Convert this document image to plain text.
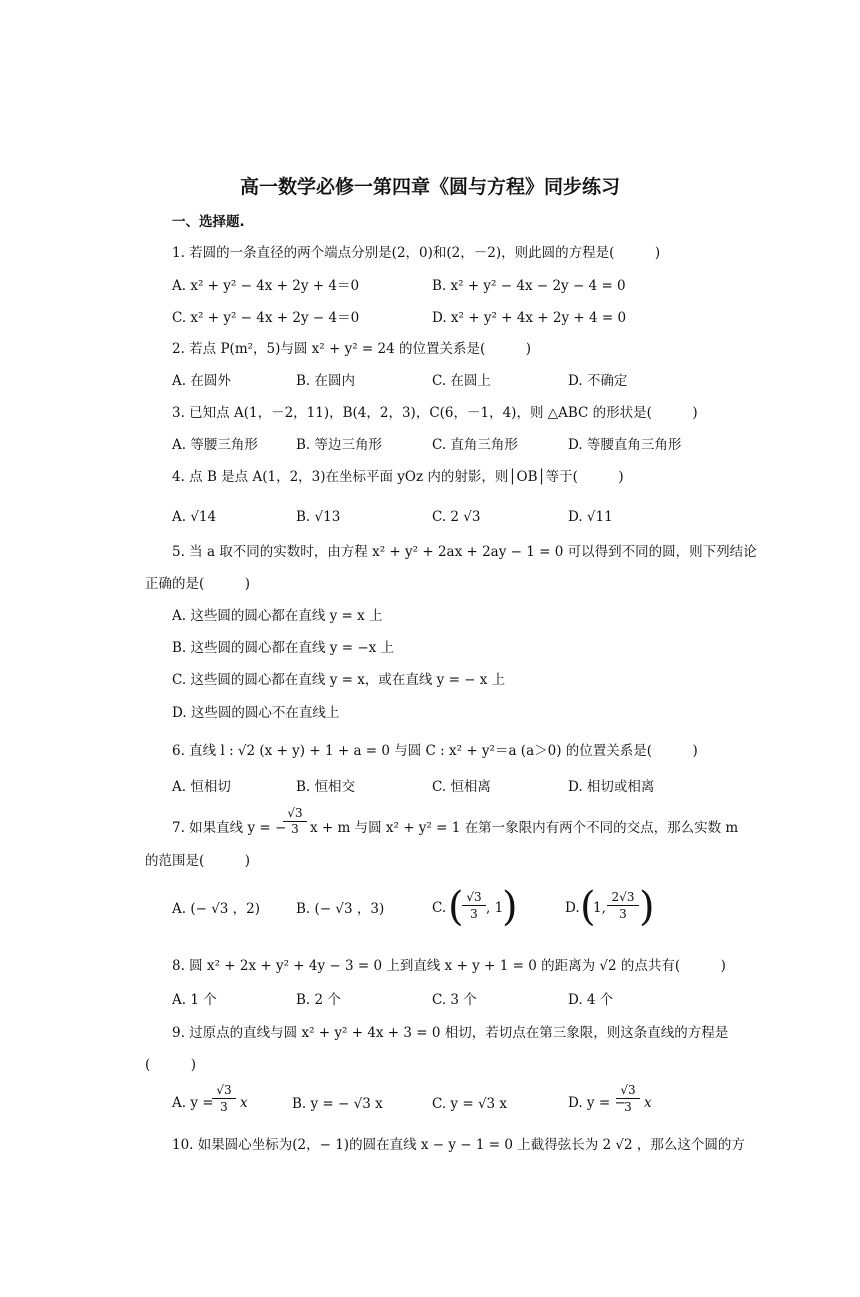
高一数学必修一第四章《圆与方程》同步练习
一、选择题.
1. 若圆的一条直径的两个端点分别是(2，0)和(2，－2)，则此圆的方程是(　　　)
A. x² + y² − 4x + 2y + 4＝0	B. x² + y² − 4x − 2y − 4 = 0
C. x² + y² − 4x + 2y − 4＝0	D. x² + y² + 4x + 2y + 4 = 0
2. 若点 P(m²，5)与圆 x² + y² = 24 的位置关系是(　　　)
A. 在圆外	B. 在圆内	C. 在圆上	D. 不确定
3. 已知点 A(1，－2，11)，B(4，2，3)，C(6，－1，4)，则 △ABC 的形状是(　　　)
A. 等腰三角形	B. 等边三角形	C. 直角三角形	D. 等腰直角三角形
4. 点 B 是点 A(1，2，3)在坐标平面 yOz 内的射影，则│OB│等于(　　　)
A. √14	B. √13	C. 2 √3	D. √11
5. 当 a 取不同的实数时，由方程 x² + y² + 2ax + 2ay − 1 = 0 可以得到不同的圆，则下列结论
正确的是(　　　)
A. 这些圆的圆心都在直线 y = x 上
B. 这些圆的圆心都在直线 y = −x 上
C. 这些圆的圆心都在直线 y = x，或在直线 y = − x 上
D. 这些圆的圆心不在直线上
6. 直线 l : √2 (x + y) + 1 + a = 0 与圆 C : x² + y²＝a (a＞0) 的位置关系是(　　　)
A. 恒相切	B. 恒相交	C. 恒相离	D. 相切或相离
7. 如果直线 y = −
$\frac{√3}{3}$ x + m 与圆 x² + y² = 1 在第一象限内有两个不同的交点，那么实数 m
的范围是(　　　)
A. (− √3 ，2)	B. (− √3 ，3)	C. (
$\frac{√3}{3}$ , 1
)	D. (
1, $\frac{2√3}{3}$ )
8. 圆 x² + 2x + y² + 4y − 3 = 0 上到直线 x + y + 1 = 0 的距离为 √2 的点共有(　　　)
A. 1 个	B. 2 个	C. 3 个	D. 4 个
9. 过原点的直线与圆 x² + y² + 4x + 3 = 0 相切，若切点在第三象限，则这条直线的方程是
(　　　)
A. y =
$\frac{√3}{3}$ x	B. y = − √3 x	C. y = √3 x	D. y = −
$\frac{√3}{3}$ x
10. 如果圆心坐标为(2，− 1)的圆在直线 x − y − 1 = 0 上截得弦长为 2 √2 ，那么这个圆的方
